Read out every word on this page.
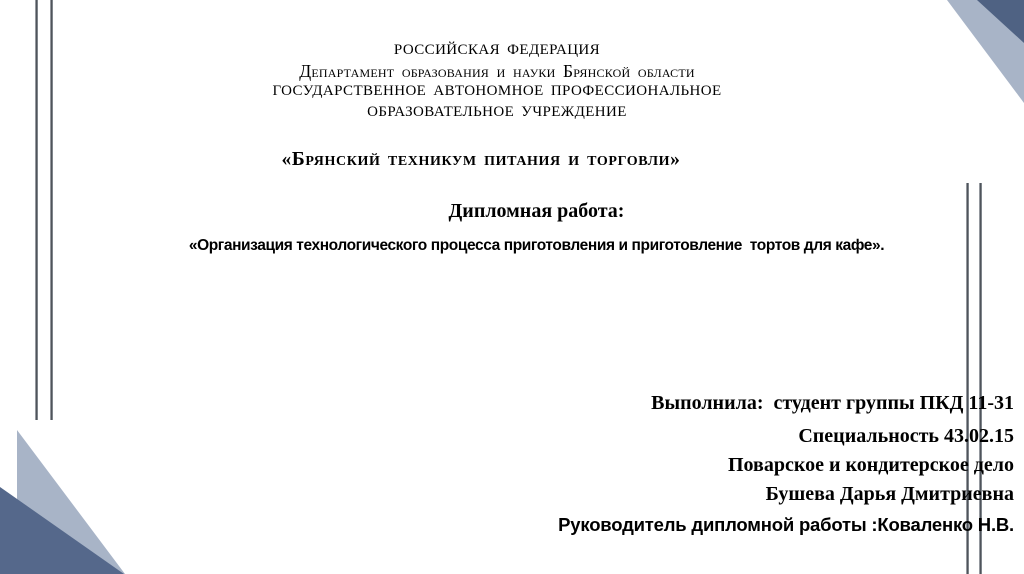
РОССИЙСКАЯ ФЕДЕРАЦИЯ
Департамент образования и науки Брянской области
ГОСУДАРСТВЕННОЕ АВТОНОМНОЕ ПРОФЕССИОНАЛЬНОЕ
ОБРАЗОВАТЕЛЬНОЕ УЧРЕЖДЕНИЕ
«Брянский техникум питания и торговли»
Дипломная работа:
«Организация технологического процесса приготовления и приготовление  тортов для кафе».
Выполнила:  студент группы ПКД 11-31
Специальность 43.02.15
Поварское и кондитерское дело
Бушева Дарья Дмитриевна
Руководитель дипломной работы :Коваленко Н.В.
